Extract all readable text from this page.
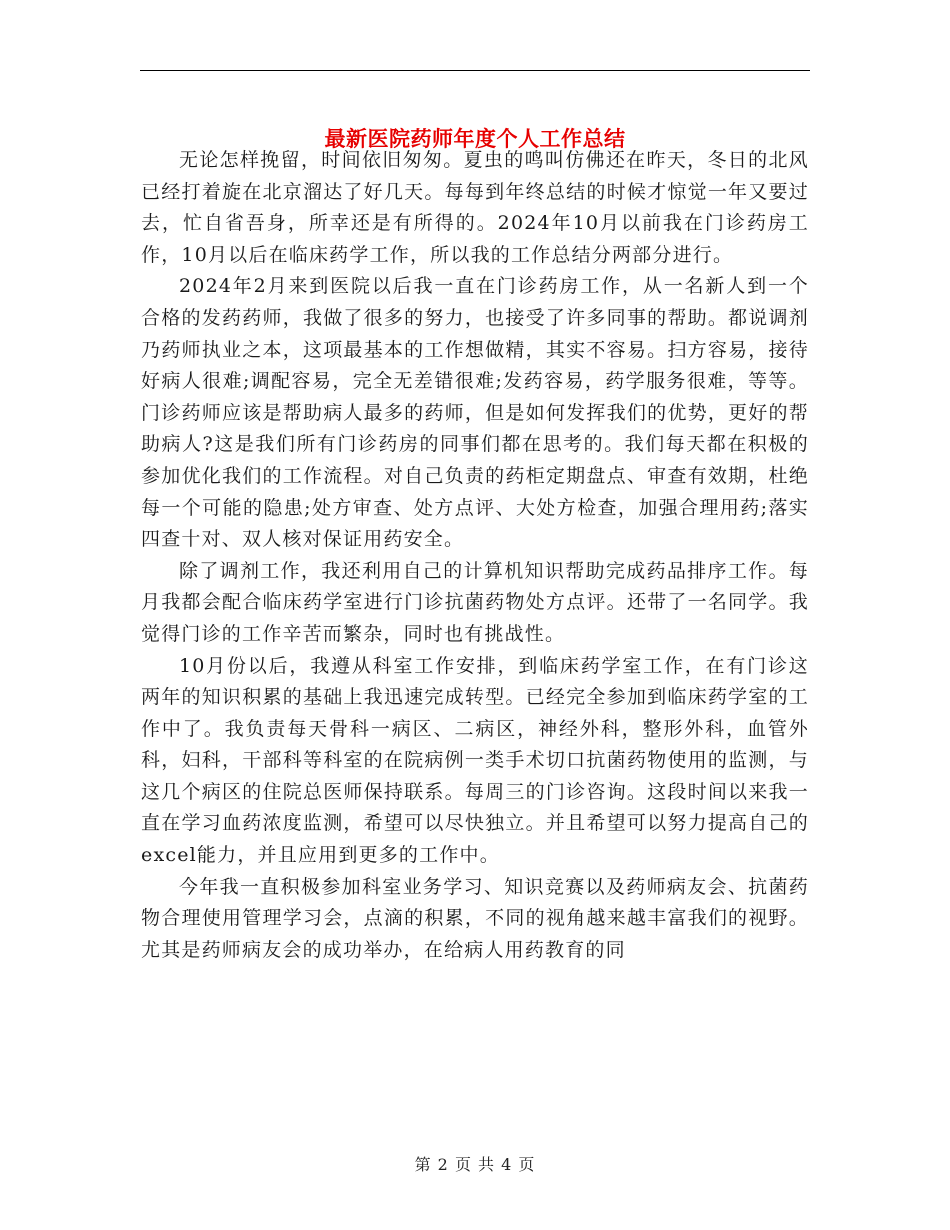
最新医院药师年度个人工作总结

无论怎样挽留，时间依旧匆匆。夏虫的鸣叫仿佛还在昨天，冬日的北风已经打着旋在北京溜达了好几天。每每到年终总结的时候才惊觉一年又要过去，忙自省吾身，所幸还是有所得的。2024年10月以前我在门诊药房工作，10月以后在临床药学工作，所以我的工作总结分两部分进行。

2024年2月来到医院以后我一直在门诊药房工作，从一名新人到一个合格的发药药师，我做了很多的努力，也接受了许多同事的帮助。都说调剂乃药师执业之本，这项最基本的工作想做精，其实不容易。扫方容易，接待好病人很难;调配容易，完全无差错很难;发药容易，药学服务很难，等等。门诊药师应该是帮助病人最多的药师，但是如何发挥我们的优势，更好的帮助病人?这是我们所有门诊药房的同事们都在思考的。我们每天都在积极的参加优化我们的工作流程。对自己负责的药柜定期盘点、审查有效期，杜绝每一个可能的隐患;处方审查、处方点评、大处方检查，加强合理用药;落实四查十对、双人核对保证用药安全。

除了调剂工作，我还利用自己的计算机知识帮助完成药品排序工作。每月我都会配合临床药学室进行门诊抗菌药物处方点评。还带了一名同学。我觉得门诊的工作辛苦而繁杂，同时也有挑战性。

10月份以后，我遵从科室工作安排，到临床药学室工作，在有门诊这两年的知识积累的基础上我迅速完成转型。已经完全参加到临床药学室的工作中了。我负责每天骨科一病区、二病区，神经外科，整形外科，血管外科，妇科，干部科等科室的在院病例一类手术切口抗菌药物使用的监测，与这几个病区的住院总医师保持联系。每周三的门诊咨询。这段时间以来我一直在学习血药浓度监测，希望可以尽快独立。并且希望可以努力提高自己的excel能力，并且应用到更多的工作中。

今年我一直积极参加科室业务学习、知识竞赛以及药师病友会、抗菌药物合理使用管理学习会，点滴的积累，不同的视角越来越丰富我们的视野。尤其是药师病友会的成功举办，在给病人用药教育的同

第 2 页 共 4 页
